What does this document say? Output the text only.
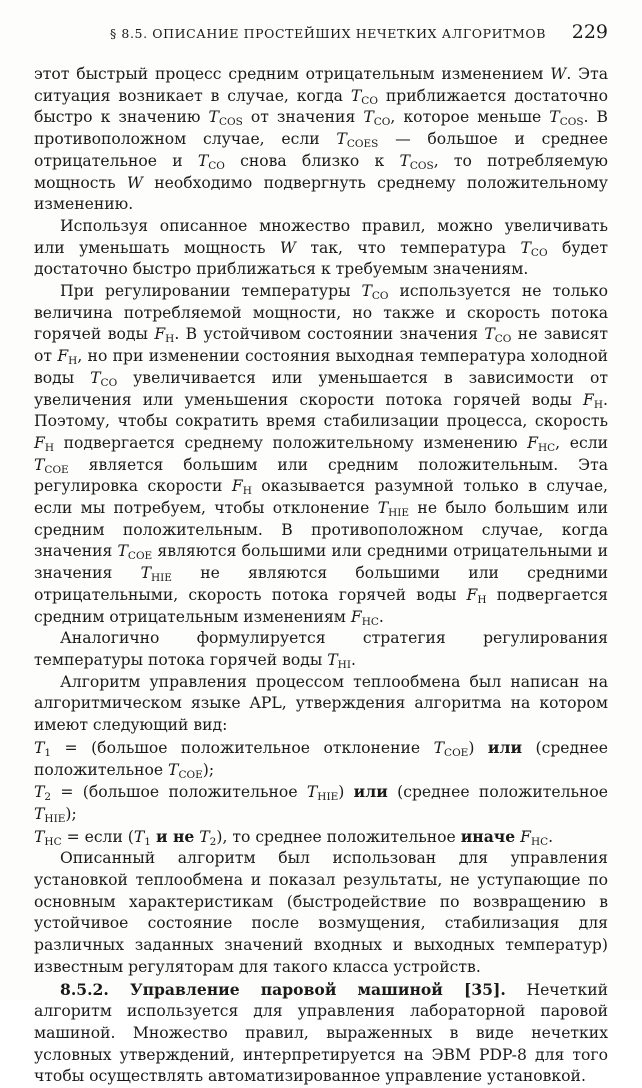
§ 8.5. ОПИСАНИЕ ПРОСТЕЙШИХ НЕЧЕТКИХ АЛГОРИТМОВ 229

этот быстрый процесс средним отрицательным изменением W. Эта ситуация возникает в случае, когда $T_{CO}$ приближается достаточно быстро к значению $T_{COS}$ от значения $T_{CO}$, которое меньше $T_{COS}$. В противоположном случае, если $T_{COES}$ — большое и среднее отрицательное и $T_{CO}$ снова близко к $T_{COS}$, то потребляемую мощность W необходимо подвергнуть среднему положительному изменению.

Используя описанное множество правил, можно увеличивать или уменьшать мощность W так, что температура $T_{CO}$ будет достаточно быстро приближаться к требуемым значениям.

При регулировании температуры $T_{CO}$ используется не только величина потребляемой мощности, но также и скорость потока горячей воды $F_H$. В устойчивом состоянии значения $T_{CO}$ не зависят от $F_H$, но при изменении состояния выходная температура холодной воды $T_{CO}$ увеличивается или уменьшается в зависимости от увеличения или уменьшения скорости потока горячей воды $F_H$. Поэтому, чтобы сократить время стабилизации процесса, скорость $F_H$ подвергается среднему положительному изменению $F_{HC}$, если $T_{COE}$ является большим или средним положительным. Эта регулировка скорости $F_H$ оказывается разумной только в случае, если мы потребуем, чтобы отклонение $T_{HIE}$ не было большим или средним положительным. В противоположном случае, когда значения $T_{COE}$ являются большими или средними отрицательными и значения $T_{HIE}$ не являются большими или средними отрицательными, скорость потока горячей воды $F_H$ подвергается средним отрицательным изменениям $F_{HC}$.

Аналогично формулируется стратегия регулирования температуры потока горячей воды $T_{HI}$.

Алгоритм управления процессом теплообмена был написан на алгоритмическом языке APL, утверждения алгоритма на котором имеют следующий вид:

$T_1$ = (большое положительное отклонение $T_{COE}$) или (среднее положительное $T_{COE}$);

$T_2$ = (большое положительное $T_{HIE}$) или (среднее положительное $T_{HIE}$);

$T_{НС}$ = если ($T_1$ и не $T_2$), то среднее положительное иначе $F_{HC}$.

Описанный алгоритм был использован для управления установкой теплообмена и показал результаты, не уступающие по основным характеристикам (быстродействие по возвращению в устойчивое состояние после возмущения, стабилизация для различных заданных значений входных и выходных температур) известным регуляторам для такого класса устройств.

8.5.2. Управление паровой машиной [35]. Нечеткий алгоритм используется для управления лабораторной паровой машиной. Множество правил, выраженных в виде нечетких условных утверждений, интерпретируется на ЭВМ PDP-8 для того чтобы осуществлять автоматизированное управление установкой.
